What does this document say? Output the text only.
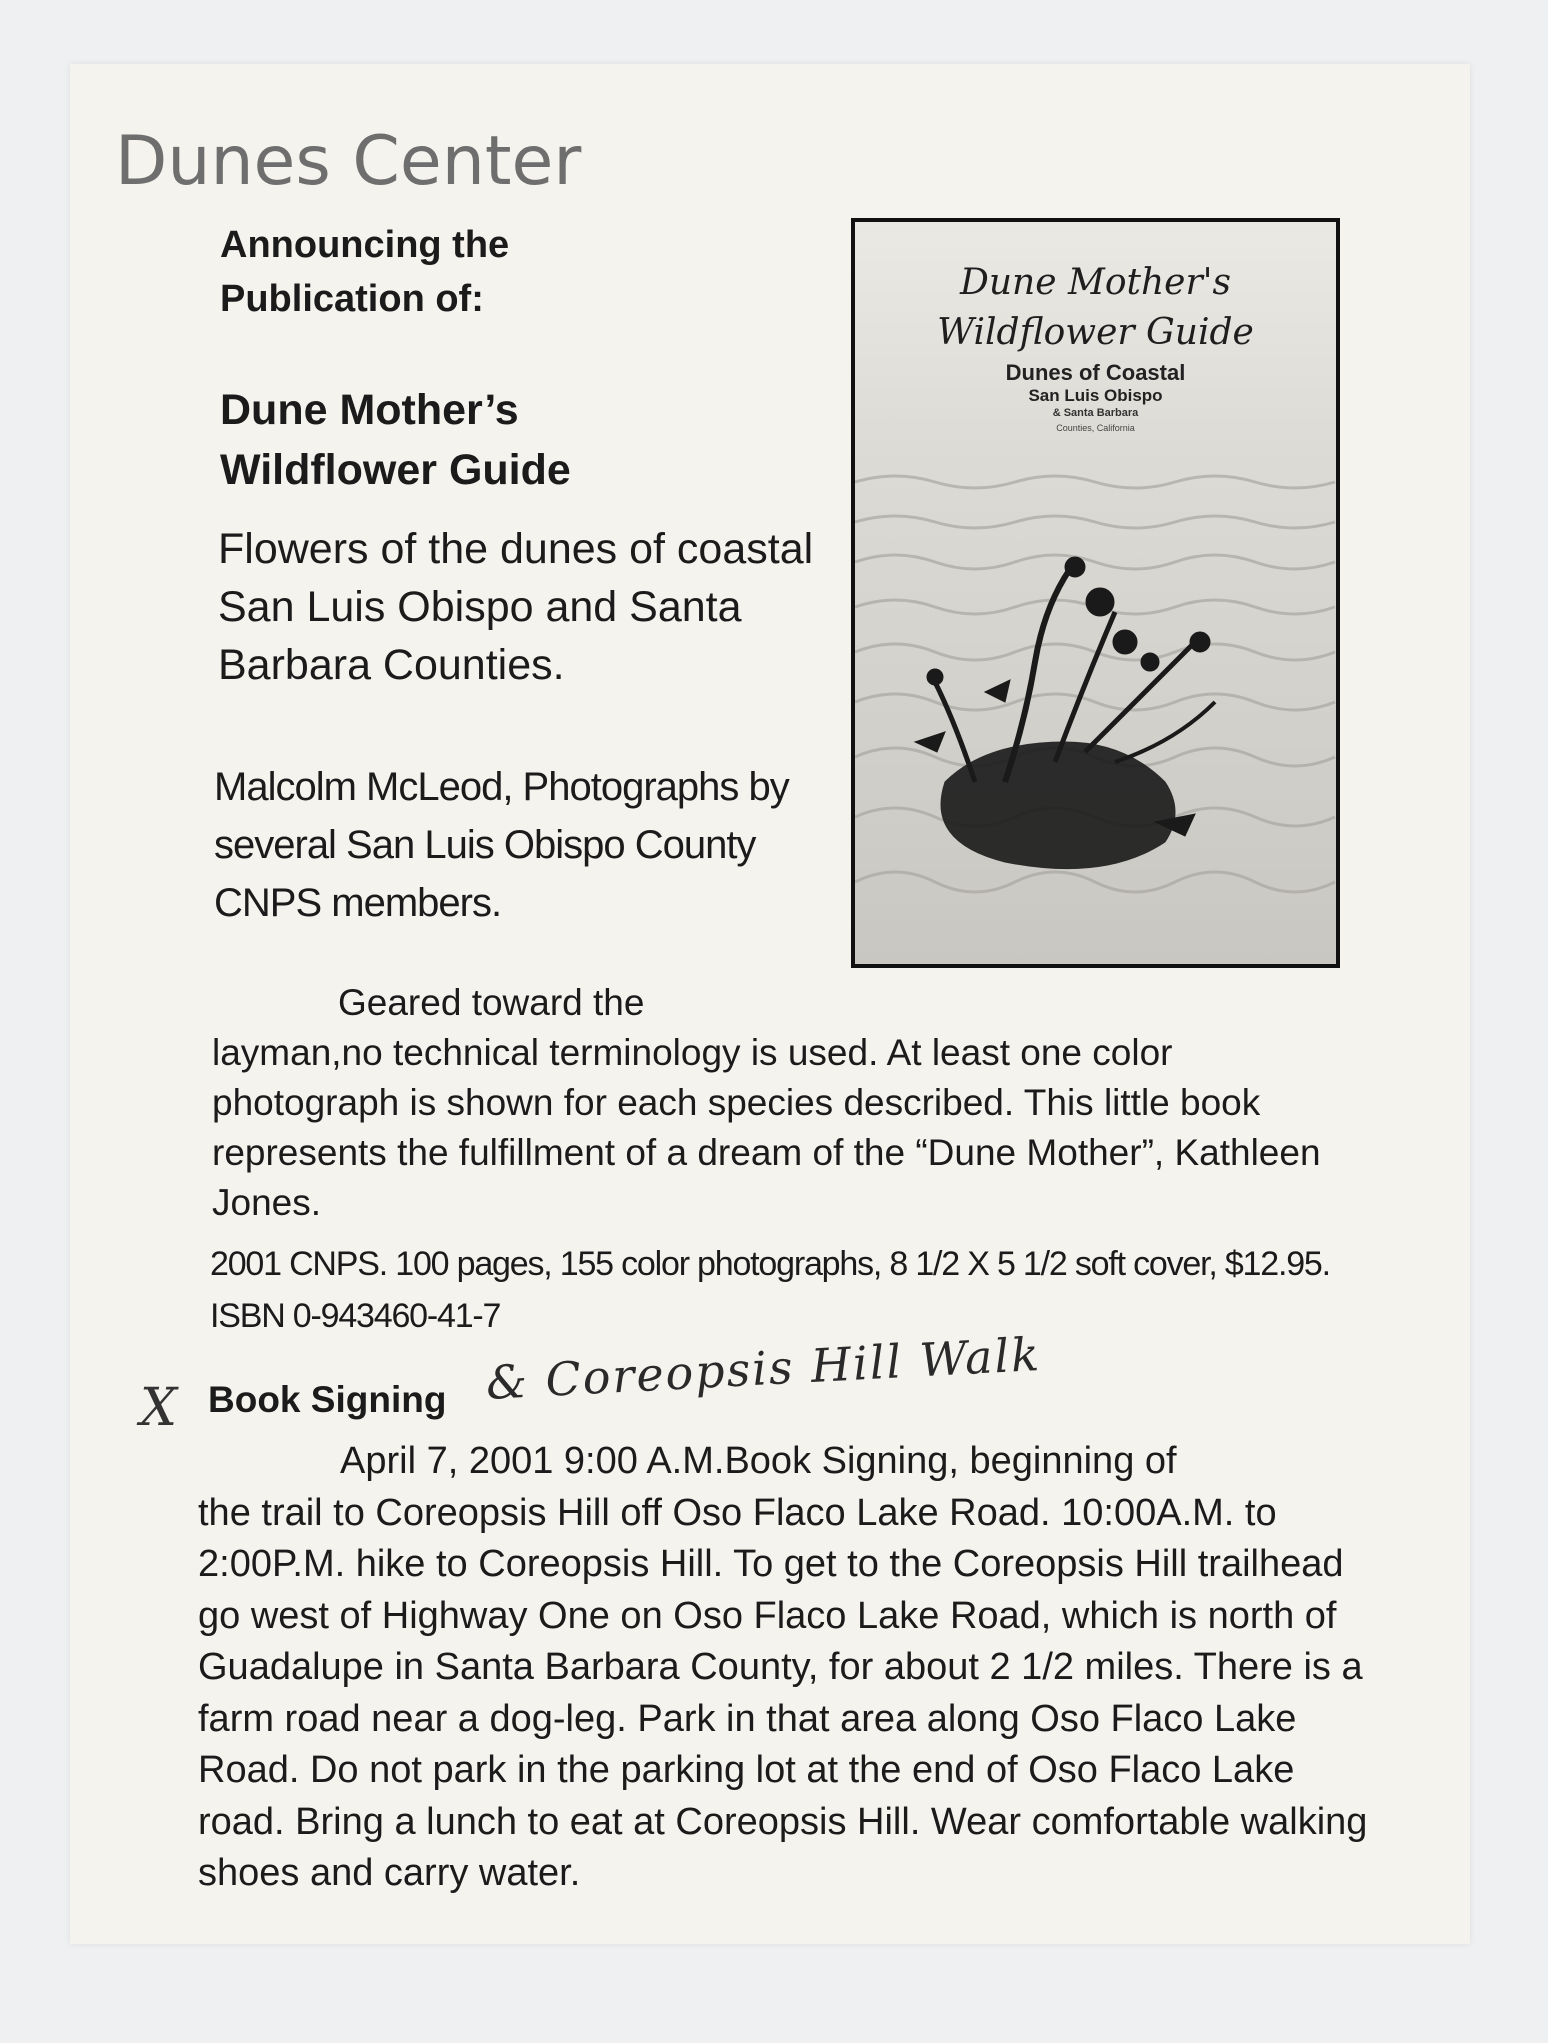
Dunes Center
Announcing the
Publication of:
Dune Mother’s
Wildflower Guide
Flowers of the dunes of coastal San Luis Obispo and Santa Barbara Counties.
Malcolm McLeod, Photographs by several San Luis Obispo County CNPS members.
Dune Mother's
Wildflower Guide
Dunes of Coastal
San Luis Obispo
& Santa Barbara
Counties, California
Geared toward the
layman,no technical terminology is used. At least one color photograph is shown for each species described. This little book represents the fulfillment of a dream of the “Dune Mother”, Kathleen Jones.
2001 CNPS. 100 pages, 155 color photographs, 8 1/2 X 5 1/2 soft cover, $12.95. ISBN 0-943460-41-7
X Book Signing & Coreopsis Hill Walk
April 7, 2001 9:00 A.M.Book Signing, beginning of
the trail to Coreopsis Hill off Oso Flaco Lake Road. 10:00A.M. to 2:00P.M. hike to Coreopsis Hill. To get to the Coreopsis Hill trailhead go west of Highway One on Oso Flaco Lake Road, which is north of Guadalupe in Santa Barbara County, for about 2 1/2 miles. There is a farm road near a dog-leg. Park in that area along Oso Flaco Lake Road. Do not park in the parking lot at the end of Oso Flaco Lake road. Bring a lunch to eat at Coreopsis Hill. Wear comfortable walking shoes and carry water.
